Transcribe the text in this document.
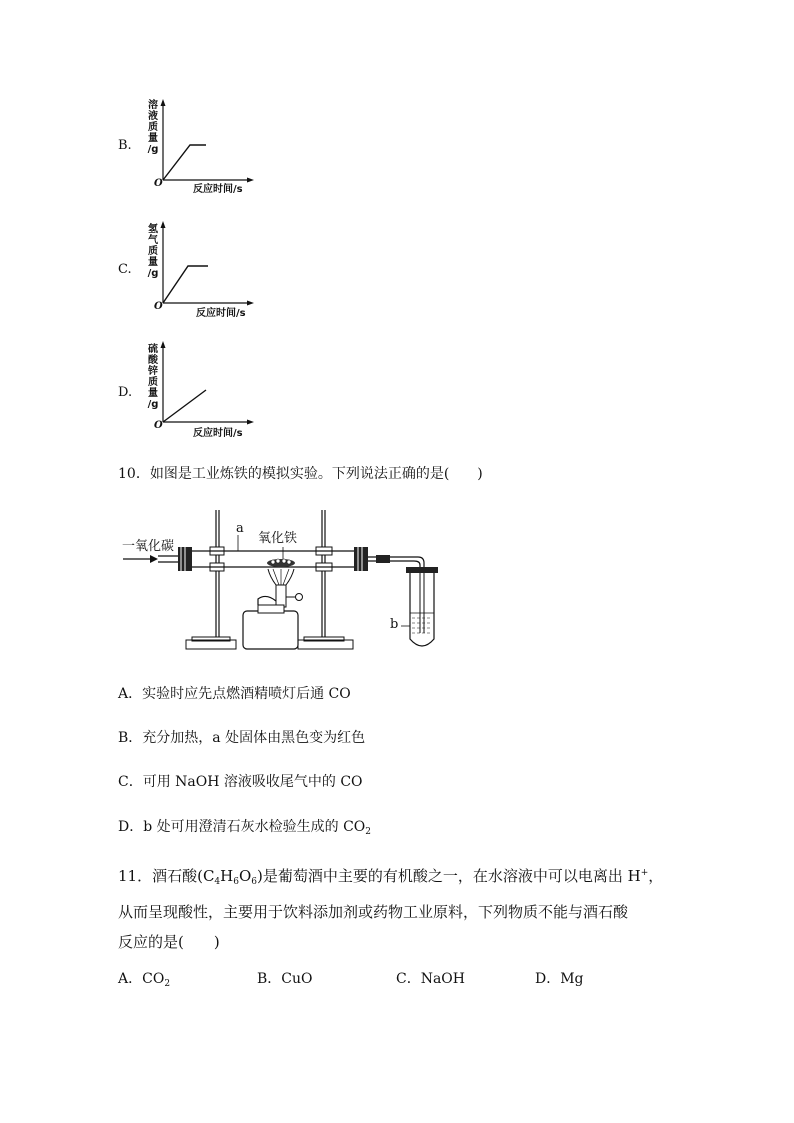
B.
溶
液
质
量
/g
O
反应时间/s
C.
氢
气
质
量
/g
O
反应时间/s
D.
硫
酸
锌
质
量
/g
O
反应时间/s
10．如图是工业炼铁的模拟实验。下列说法正确的是(　　)
一氧化碳
a
氧化铁
b
A．实验时应先点燃酒精喷灯后通 CO
B．充分加热，a 处固体由黑色变为红色
C．可用 NaOH 溶液吸收尾气中的 CO
D．b 处可用澄清石灰水检验生成的 $CO_2$
11．酒石酸$(C_4H_6O_6)$是葡萄酒中主要的有机酸之一，在水溶液中可以电离出 H+，
从而呈现酸性，主要用于饮料添加剂或药物工业原料，下列物质不能与酒石酸
反应的是(　　)
A．$CO_2$	B．CuO	C．NaOH	D．Mg
